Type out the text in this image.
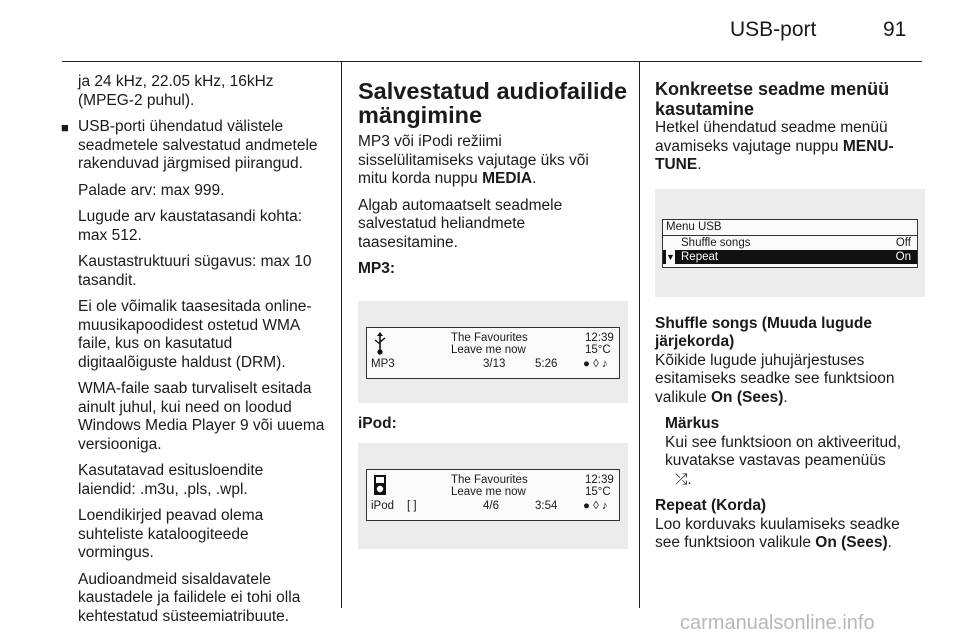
USB-port	91
ja 24 kHz, 22.05 kHz, 16kHz
(MPEG-2 puhul).
■ USB-porti ühendatud välistele
seadmetele salvestatud andmetele
rakenduvad järgmised piirangud.
Palade arv: max 999.
Lugude arv kaustatasandi kohta:
max 512.
Kaustastruktuuri sügavus: max 10
tasandit.
Ei ole võimalik taasesitada online-
muusikapoodidest ostetud WMA
faile, kus on kasutatud
digitaalõiguste haldust (DRM).
WMA-faile saab turvaliselt esitada
ainult juhul, kui need on loodud
Windows Media Player 9 või uuema
versiooniga.
Kasutatavad esitusloendite
laiendid: .m3u, .pls, .wpl.
Loendikirjed peavad olema
suhteliste kataloogiteede
vormingus.
Audioandmeid sisaldavatele
kaustadele ja failidele ei tohi olla
kehtestatud süsteemiatribuute.
Salvestatud audiofailide
mängimine
MP3 või iPodi režiimi
sisselülitamiseks vajutage üks või
mitu korda nuppu MEDIA.
Algab automaatselt seadmele
salvestatud heliandmete
taasesitamine.
MP3:
MP3
The Favourites
Leave me now
12:39
15°C
3/13	5:26 ● ◊ ♪
iPod:
iPod [ ]
The Favourites
Leave me now
12:39
15°C
4/6	3:54 ● ◊ ♪
Konkreetse seadme menüü
kasutamine
Hetkel ühendatud seadme menüü
avamiseks vajutage nuppu MENU-
TUNE.
Menu USB
Shuffle songs	Off
▼ Repeat	On
Shuffle songs (Muuda lugude
järjekorda)
Kõikide lugude juhujärjestuses
esitamiseks seadke see funktsioon
valikule On (Sees).
Märkus
Kui see funktsioon on aktiveeritud,
kuvatakse vastavas peamenüüs
⤮.
Repeat (Korda)
Loo korduvaks kuulamiseks seadke
see funktsioon valikule On (Sees).
carmanualsonline.info
